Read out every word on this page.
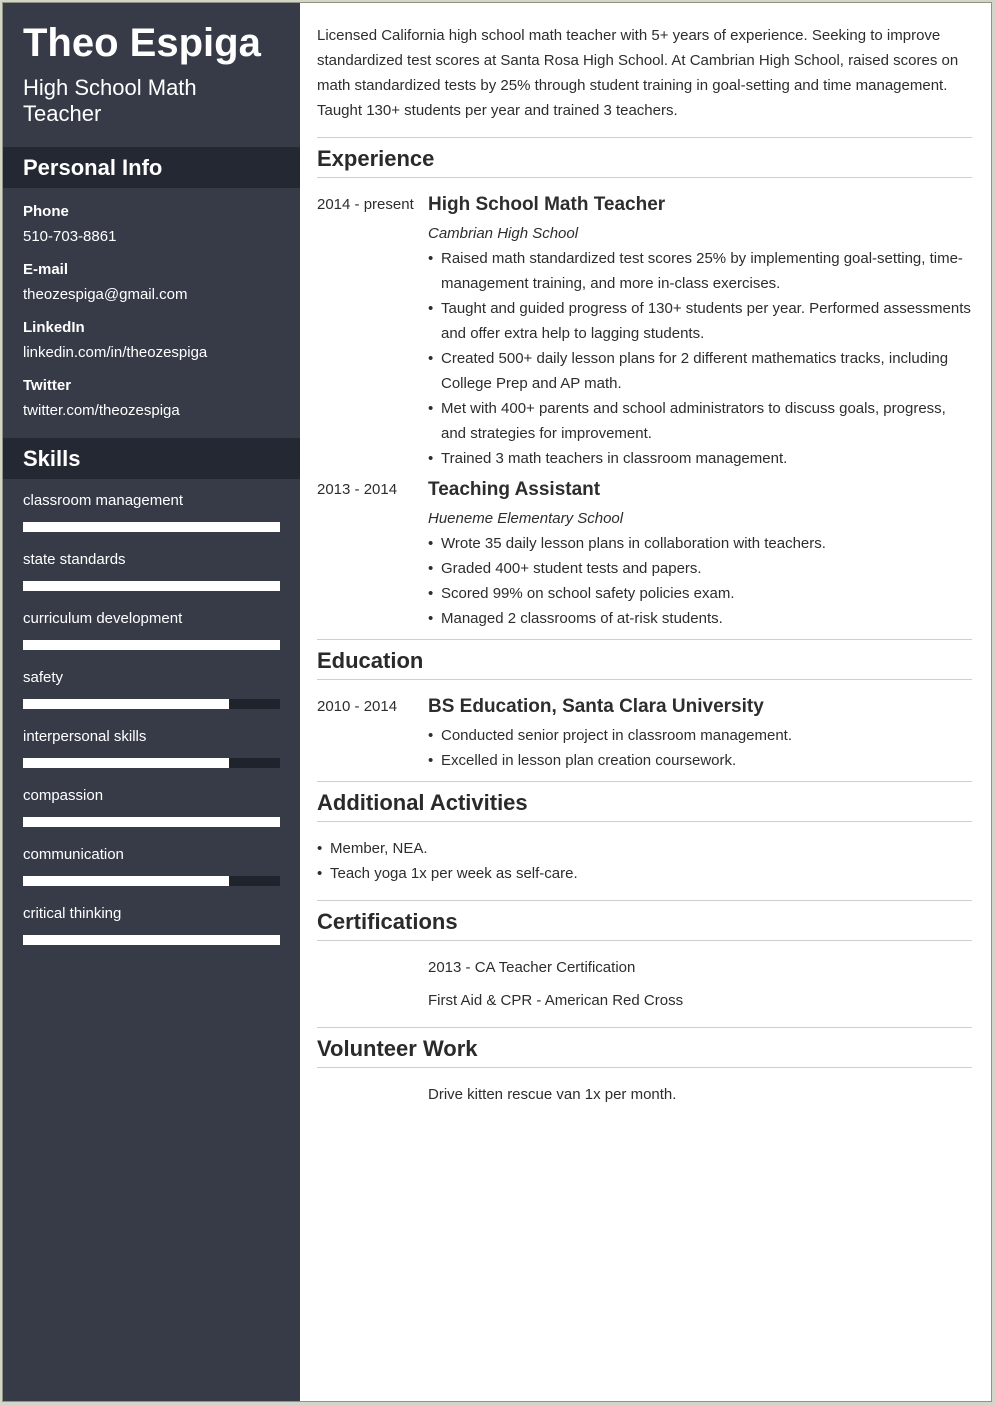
Theo Espiga
High School Math Teacher
Personal Info
Phone
510-703-8861
E-mail
theozespiga@gmail.com
LinkedIn
linkedin.com/in/theozespiga
Twitter
twitter.com/theozespiga
Skills
classroom management
state standards
curriculum development
safety
interpersonal skills
compassion
communication
critical thinking

Licensed California high school math teacher with 5+ years of experience. Seeking to improve standardized test scores at Santa Rosa High School. At Cambrian High School, raised scores on math standardized tests by 25% through student training in goal-setting and time management. Taught 130+ students per year and trained 3 teachers.

Experience
2014 - present High School Math Teacher
Cambrian High School
• Raised math standardized test scores 25% by implementing goal-setting, time-management training, and more in-class exercises.
• Taught and guided progress of 130+ students per year. Performed assessments and offer extra help to lagging students.
• Created 500+ daily lesson plans for 2 different mathematics tracks, including College Prep and AP math.
• Met with 400+ parents and school administrators to discuss goals, progress, and strategies for improvement.
• Trained 3 math teachers in classroom management.
2013 - 2014	Teaching Assistant
Hueneme Elementary School
• Wrote 35 daily lesson plans in collaboration with teachers.
• Graded 400+ student tests and papers.
• Scored 99% on school safety policies exam.
• Managed 2 classrooms of at-risk students.
Education
2010 - 2014	BS Education, Santa Clara University
• Conducted senior project in classroom management.
• Excelled in lesson plan creation coursework.
Additional Activities
• Member, NEA.
• Teach yoga 1x per week as self-care.
Certifications
2013 - CA Teacher Certification
First Aid & CPR - American Red Cross
Volunteer Work
Drive kitten rescue van 1x per month.
